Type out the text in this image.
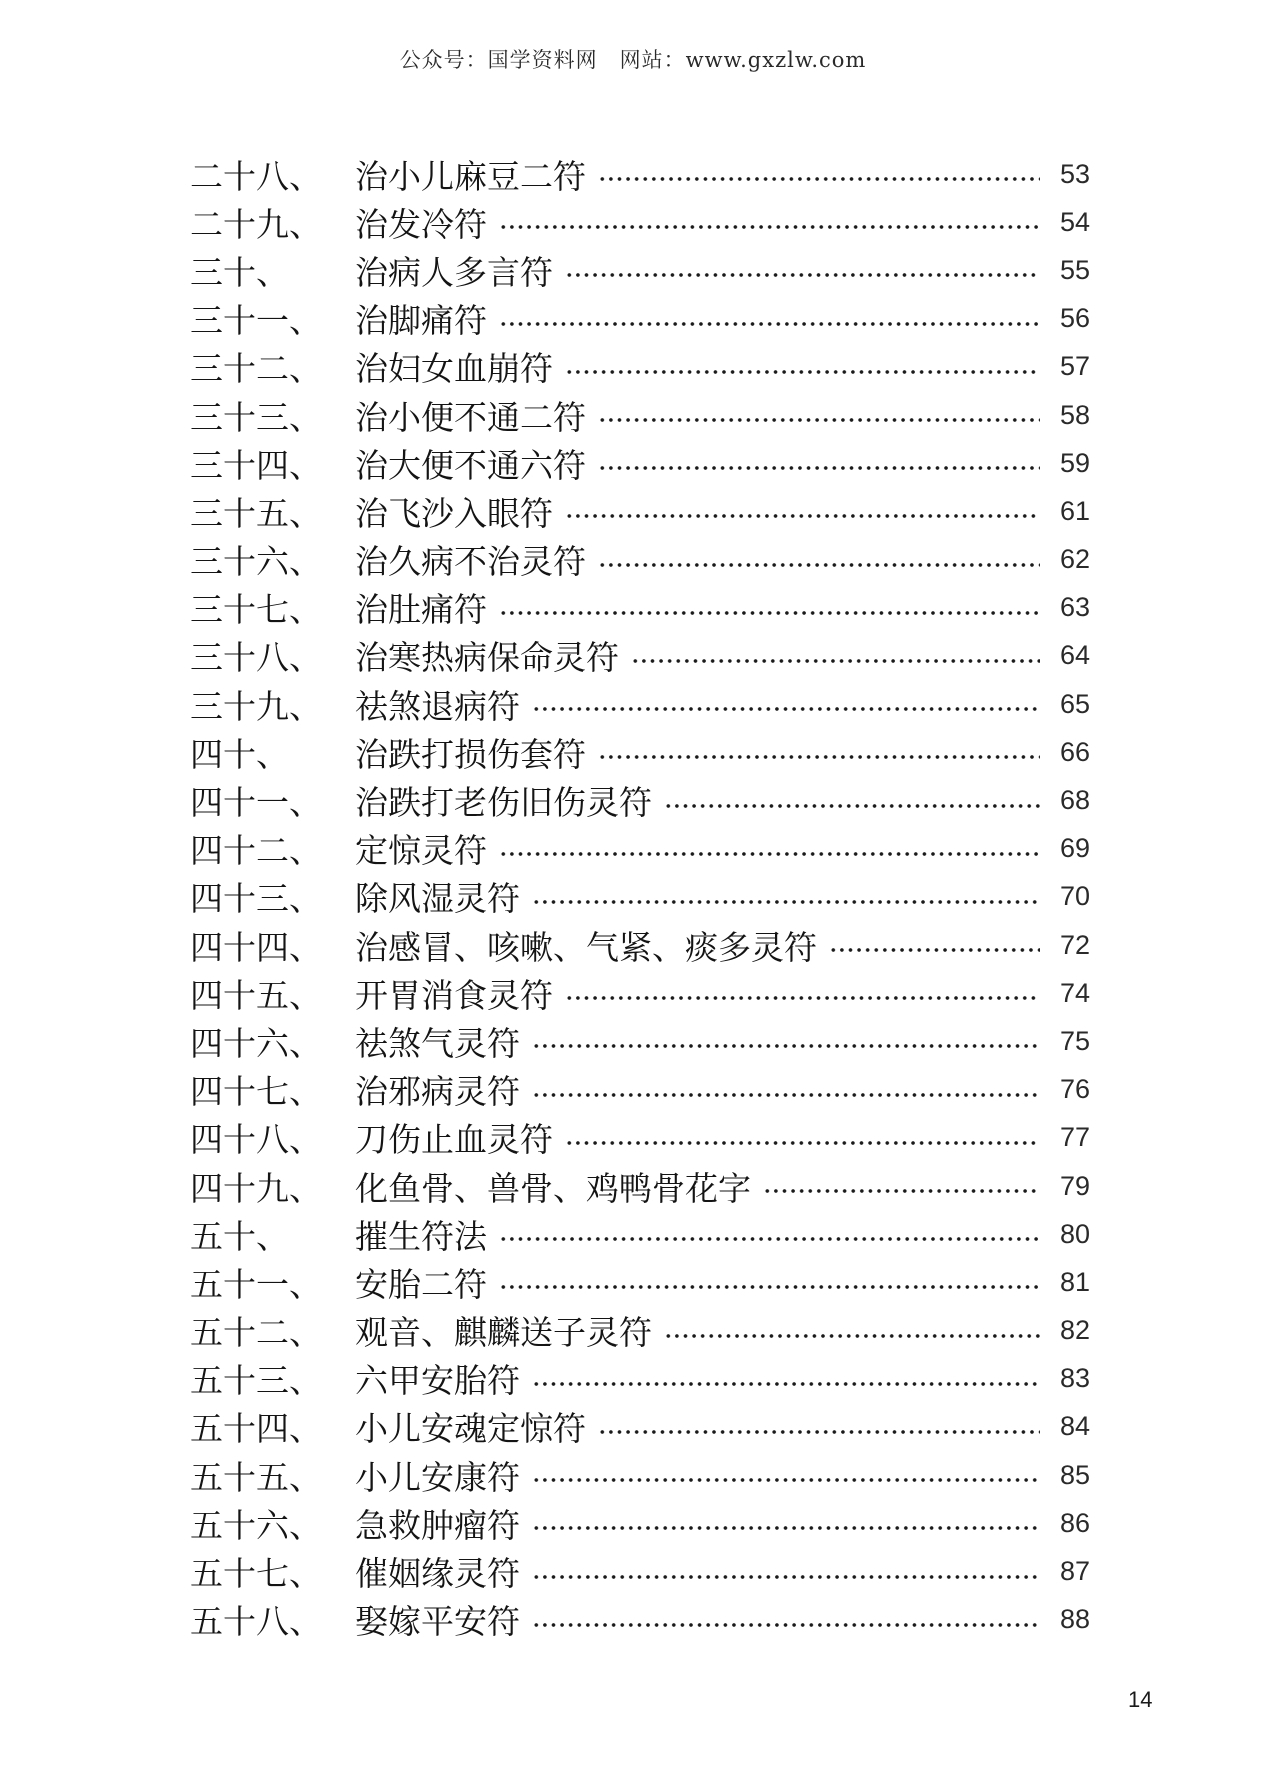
公众号：国学资料网　网站：www.gxzlw.com
二十八、	治小儿麻豆二符	53
二十九、	治发冷符	54
三十、	治病人多言符	55
三十一、	治脚痛符	56
三十二、	治妇女血崩符	57
三十三、	治小便不通二符	58
三十四、	治大便不通六符	59
三十五、	治飞沙入眼符	61
三十六、	治久病不治灵符	62
三十七、	治肚痛符	63
三十八、	治寒热病保命灵符	64
三十九、	祛煞退病符	65
四十、	治跌打损伤套符	66
四十一、	治跌打老伤旧伤灵符	68
四十二、	定惊灵符	69
四十三、	除风湿灵符	70
四十四、	治感冒、咳嗽、气紧、痰多灵符	72
四十五、	开胃消食灵符	74
四十六、	祛煞气灵符	75
四十七、	治邪病灵符	76
四十八、	刀伤止血灵符	77
四十九、	化鱼骨、兽骨、鸡鸭骨花字	79
五十、	摧生符法	80
五十一、	安胎二符	81
五十二、	观音、麒麟送子灵符	82
五十三、	六甲安胎符	83
五十四、	小儿安魂定惊符	84
五十五、	小儿安康符	85
五十六、	急救肿瘤符	86
五十七、	催姻缘灵符	87
五十八、	娶嫁平安符	88
14
